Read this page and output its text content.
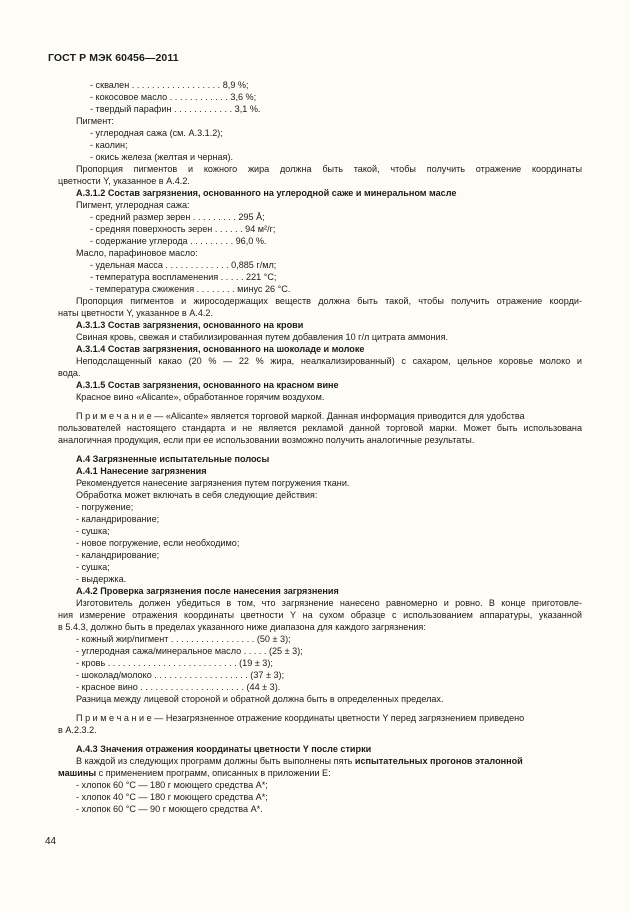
ГОСТ Р МЭК 60456—2011
- сквален . . . . . . . . . . . . . . . . . . 8,9 %;
- кокосовое масло . . . . . . . . . . . . 3,6 %;
- твердый парафин . . . . . . . . . . . . 3,1 %.
Пигмент:
- углеродная сажа (см. А.3.1.2);
- каолин;
- окись железа (желтая и черная).
Пропорция пигментов и кожного жира должна быть такой, чтобы получить отражение координаты
цветности Y, указанное в А.4.2.
А.3.1.2 Состав загрязнения, основанного на углеродной саже и минеральном масле
Пигмент, углеродная сажа:
- средний размер зерен . . . . . . . . . 295 Å;
- средняя поверхность зерен . . . . . . 94 м²/г;
- содержание углерода . . . . . . . . . 96,0 %.
Масло, парафиновое масло:
- удельная масса . . . . . . . . . . . . . 0,885 г/мл;
- температура воспламенения . . . . . 221 °С;
- температура сжижения . . . . . . . . минус 26 °С.
Пропорция пигментов и жиросодержащих веществ должна быть такой, чтобы получить отражение коорди-
наты цветности Y, указанное в А.4.2.
А.3.1.3 Состав загрязнения, основанного на крови
Свиная кровь, свежая и стабилизированная путем добавления 10 г/л цитрата аммония.
А.3.1.4 Состав загрязнения, основанного на шоколаде и молоке
Неподслащенный какао (20 % — 22 % жира, неалкализированный) с сахаром, цельное коровье молоко и
вода.
А.3.1.5 Состав загрязнения, основанного на красном вине
Красное вино «Alicante», обработанное горячим воздухом.
П р и м е ч а н и е — «Alicante» является торговой маркой. Данная информация приводится для удобства
пользователей настоящего стандарта и не является рекламой данной торговой марки. Может быть использована
аналогичная продукция, если при ее использовании возможно получить аналогичные результаты.
А.4 Загрязненные испытательные полосы
А.4.1 Нанесение загрязнения
Рекомендуется нанесение загрязнения путем погружения ткани.
Обработка может включать в себя следующие действия:
- погружение;
- каландрирование;
- сушка;
- новое погружение, если необходимо;
- каландрирование;
- сушка;
- выдержка.
А.4.2 Проверка загрязнения после нанесения загрязнения
Изготовитель должен убедиться в том, что загрязнение нанесено равномерно и ровно. В конце приготовле-
ния измерение отражения координаты цветности Y на сухом образце с использованием аппаратуры, указанной
в 5.4.3, должно быть в пределах указанного ниже диапазона для каждого загрязнения:
- кожный жир/пигмент . . . . . . . . . . . . . . . . . (50 ± 3);
- углеродная сажа/минеральное масло . . . . . (25 ± 3);
- кровь . . . . . . . . . . . . . . . . . . . . . . . . . . (19 ± 3);
- шоколад/молоко . . . . . . . . . . . . . . . . . . . (37 ± 3);
- красное вино . . . . . . . . . . . . . . . . . . . . . (44 ± 3).
Разница между лицевой стороной и обратной должна быть в определенных пределах.
П р и м е ч а н и е — Незагрязненное отражение координаты цветности Y перед загрязнением приведено
в А.2.3.2.
А.4.3 Значения отражения координаты цветности Y после стирки
В каждой из следующих программ должны быть выполнены пять испытательных прогонов эталонной
машины с применением программ, описанных в приложении Е:
- хлопок 60 °С — 180 г моющего средства А*;
- хлопок 40 °С — 180 г моющего средства А*;
- хлопок 60 °С — 90 г моющего средства А*.
44
